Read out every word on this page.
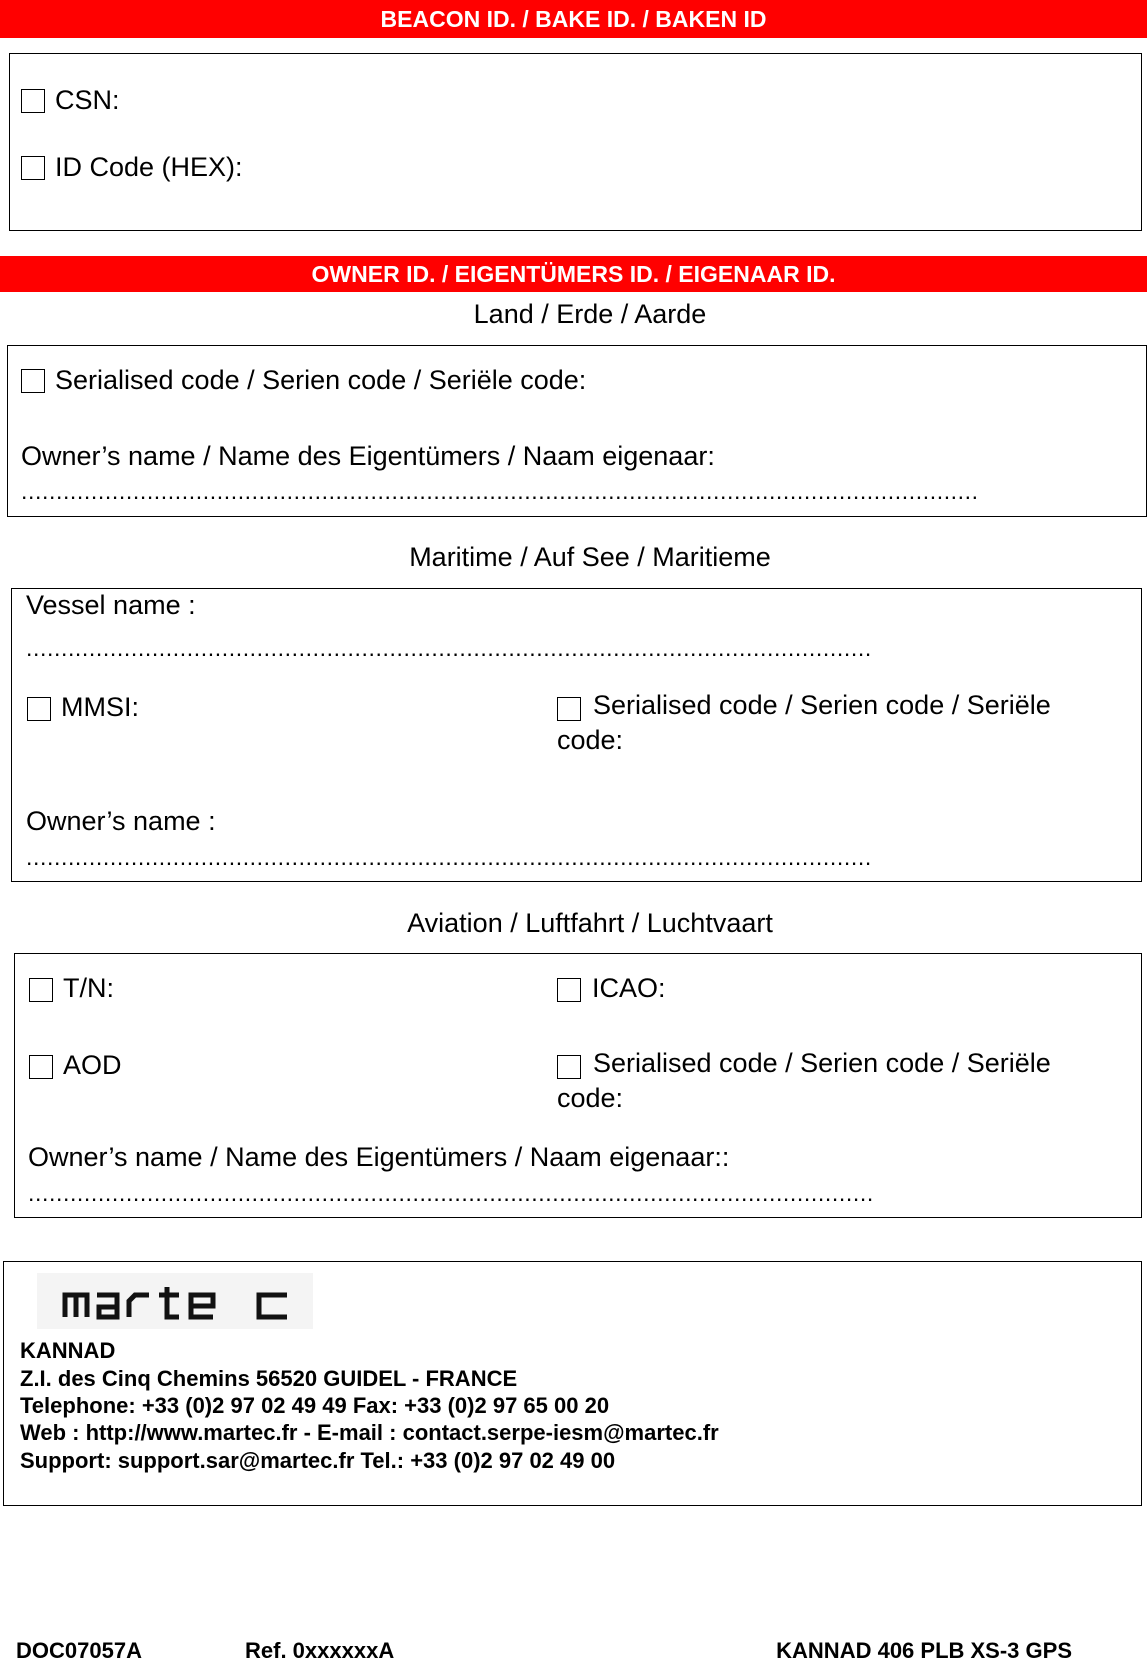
BEACON ID. / BAKE ID. / BAKEN ID
CSN:
ID Code (HEX):
OWNER ID. / EIGENTÜMERS ID. / EIGENAAR ID.
Land / Erde / Aarde
Serialised code / Serien code / Seriële code:
Owner’s name / Name des Eigentümers / Naam eigenaar:
.........................................................................................................................................
Maritime / Auf See / Maritieme
Vessel name :
.........................................................................................................................
MMSI:	Serialised code / Serien code / Seriële code:
Owner’s name :
.........................................................................................................................
Aviation / Luftfahrt / Luchtvaart
T/N:	ICAO:
AOD	Serialised code / Serien code / Seriële code:
Owner’s name / Name des Eigentümers / Naam eigenaar::
.........................................................................................................................
martec
KANNAD
Z.I. des Cinq Chemins 56520 GUIDEL - FRANCE
Telephone: +33 (0)2 97 02 49 49 Fax: +33 (0)2 97 65 00 20
Web : http://www.martec.fr - E-mail : contact.serpe-iesm@martec.fr
Support: support.sar@martec.fr Tel.: +33 (0)2 97 02 49 00
DOC07057A	Ref. 0xxxxxxA	KANNAD 406 PLB XS-3 GPS
